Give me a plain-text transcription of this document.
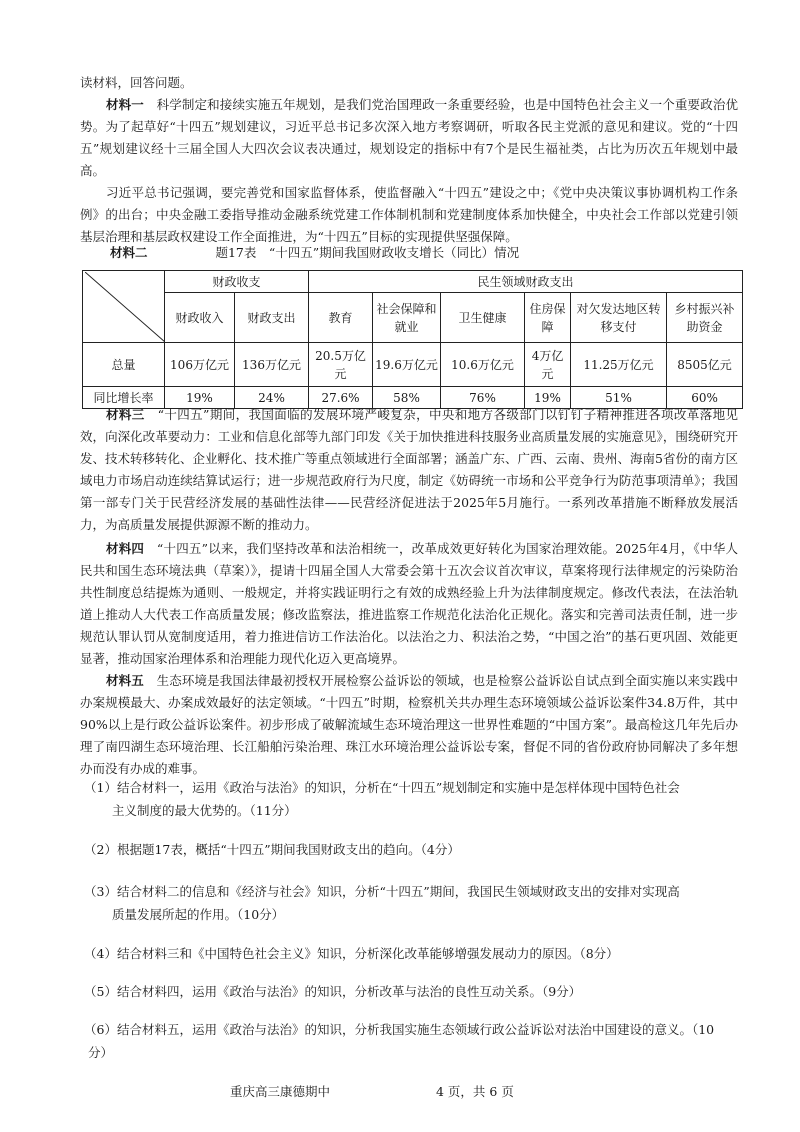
读材料，回答问题。

材料一　 科学制定和接续实施五年规划，是我们党治国理政一条重要经验，也是中国特色社会主义一个重要政治优势。为了起草好“十四五”规划建议，习近平总书记多次深入地方考察调研，听取各民主党派的意见和建议。党的“十四五”规划建议经十三届全国人大四次会议表决通过，规划设定的指标中有7个是民生福祉类，占比为历次五年规划中最高。

习近平总书记强调，要完善党和国家监督体系，使监督融入“十四五”建设之中；《党中央决策议事协调机构工作条例》的出台；中央金融工委指导推动金融系统党建工作体制机制和党建制度体系加快健全，中央社会工作部以党建引领基层治理和基层政权建设工作全面推进，为“十四五”目标的实现提供坚强保障。

材料二	题17表　“十四五”期间我国财政收支增长（同比）情况
	财政收支		民生领域财政支出					
	财政收入	财政支出	教育	社会保障和就业	卫生健康	住房保障	对欠发达地区转移支付	乡村振兴补助资金
总量	106万亿元	136万亿元	20.5万亿元	19.6万亿元	10.6万亿元	4万亿元	11.25万亿元	8505亿元
同比增长率	19%	24%	27.6%	58%	76%	19%	51%	60%
材料三　 “十四五”期间，我国面临的发展环境严峻复杂，中央和地方各级部门以钉钉子精神推进各项改革落地见效，向深化改革要动力：工业和信息化部等九部门印发《关于加快推进科技服务业高质量发展的实施意见》，围绕研究开发、技术转移转化、企业孵化、技术推广等重点领域进行全面部署；涵盖广东、广西、云南、贵州、海南5省份的南方区域电力市场启动连续结算试运行；进一步规范政府行为尺度，制定《妨碍统一市场和公平竞争行为防范事项清单》；我国第一部专门关于民营经济发展的基础性法律——民营经济促进法于2025年5月施行。一系列改革措施不断释放发展活力，为高质量发展提供源源不断的推动力。
材料四　 “十四五”以来，我们坚持改革和法治相统一，改革成效更好转化为国家治理效能。2025年4月，《中华人民共和国生态环境法典（草案）》，提请十四届全国人大常委会第十五次会议首次审议，草案将现行法律规定的污染防治共性制度总结提炼为通则、一般规定，并将实践证明行之有效的成熟经验上升为法律制度规定。修改代表法，在法治轨道上推动人大代表工作高质量发展；修改监察法，推进监察工作规范化法治化正规化。落实和完善司法责任制，进一步规范认罪认罚从宽制度适用，着力推进信访工作法治化。以法治之力、积法治之势，“中国之治”的基石更巩固、效能更显著，推动国家治理体系和治理能力现代化迈入更高境界。
材料五　 生态环境是我国法律最初授权开展检察公益诉讼的领域，也是检察公益诉讼自试点到全面实施以来实践中办案规模最大、办案成效最好的法定领域。“十四五”时期，检察机关共办理生态环境领域公益诉讼案件34.8万件，其中90%以上是行政公益诉讼案件。初步形成了破解流域生态环境治理这一世界性难题的“中国方案”。最高检这几年先后办理了南四湖生态环境治理、长江船舶污染治理、珠江水环境治理公益诉讼专案，督促不同的省份政府协同解决了多年想办而没有办成的难事。

（1）结合材料一，运用《政治与法治》的知识，分析在“十四五”规划制定和实施中是怎样体现中国特色社会
主义制度的最大优势的。（11分）

（2）根据题17表，概括“十四五”期间我国财政支出的趋向。（4分）

（3）结合材料二的信息和《经济与社会》知识，分析“十四五”期间，我国民生领域财政支出的安排对实现高
质量发展所起的作用。（10分）

（4）结合材料三和《中国特色社会主义》知识，分析深化改革能够增强发展动力的原因。（8分）

（5）结合材料四，运用《政治与法治》的知识，分析改革与法治的良性互动关系。（9分）

（6）结合材料五，运用《政治与法治》的知识，分析我国实施生态领域行政公益诉讼对法治中国建设的意义。（10
分）

重庆高三康德期中	4 页，共 6 页
